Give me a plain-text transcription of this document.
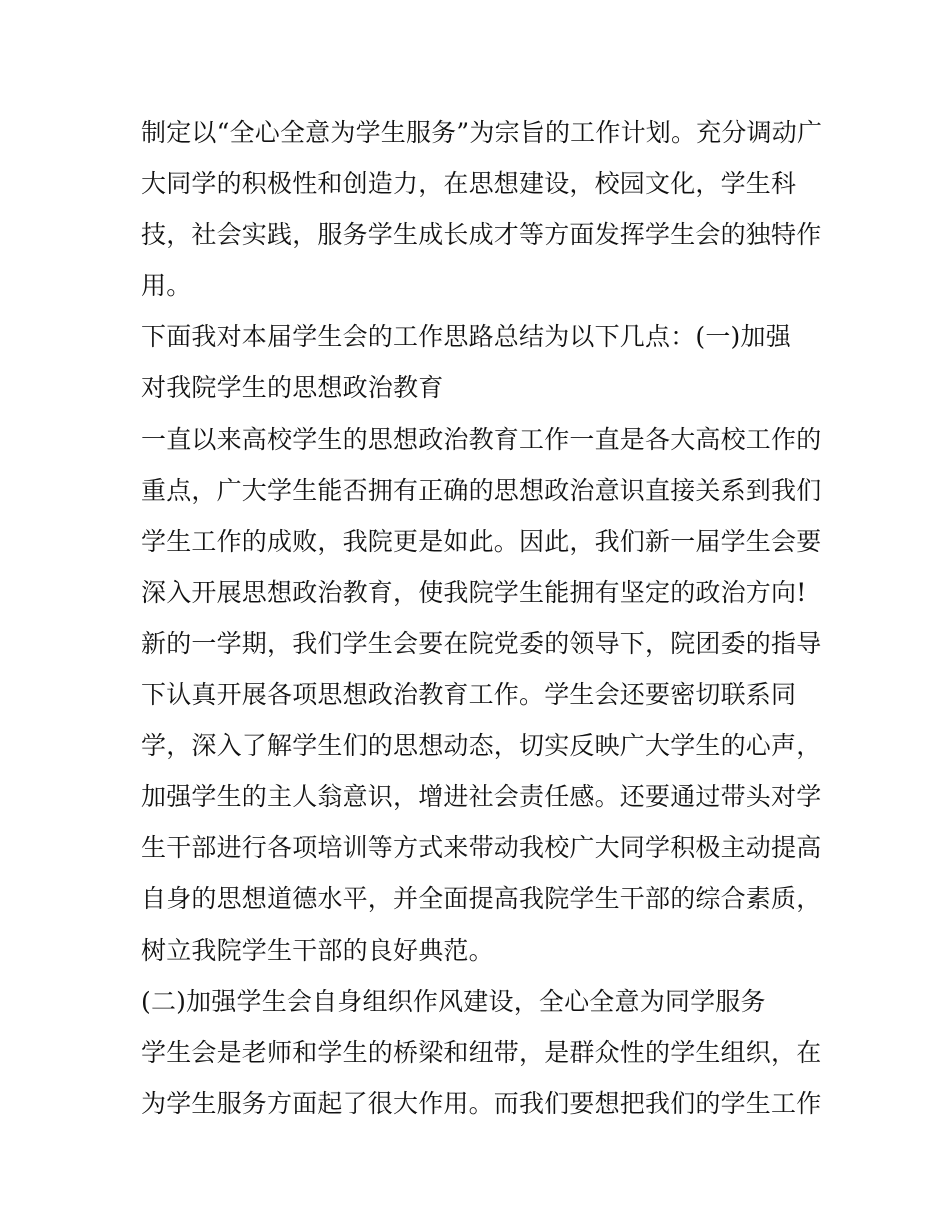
制定以“全心全意为学生服务”为宗旨的工作计划。充分调动广
大同学的积极性和创造力，在思想建设，校园文化，学生科
技，社会实践，服务学生成长成才等方面发挥学生会的独特作
用。
下面我对本届学生会的工作思路总结为以下几点：(一)加强
对我院学生的思想政治教育
一直以来高校学生的思想政治教育工作一直是各大高校工作的
重点，广大学生能否拥有正确的思想政治意识直接关系到我们
学生工作的成败，我院更是如此。因此，我们新一届学生会要
深入开展思想政治教育，使我院学生能拥有坚定的政治方向!
新的一学期，我们学生会要在院党委的领导下，院团委的指导
下认真开展各项思想政治教育工作。学生会还要密切联系同
学，深入了解学生们的思想动态，切实反映广大学生的心声，
加强学生的主人翁意识，增进社会责任感。还要通过带头对学
生干部进行各项培训等方式来带动我校广大同学积极主动提高
自身的思想道德水平，并全面提高我院学生干部的综合素质，
树立我院学生干部的良好典范。
(二)加强学生会自身组织作风建设，全心全意为同学服务
学生会是老师和学生的桥梁和纽带，是群众性的学生组织，在
为学生服务方面起了很大作用。而我们要想把我们的学生工作
